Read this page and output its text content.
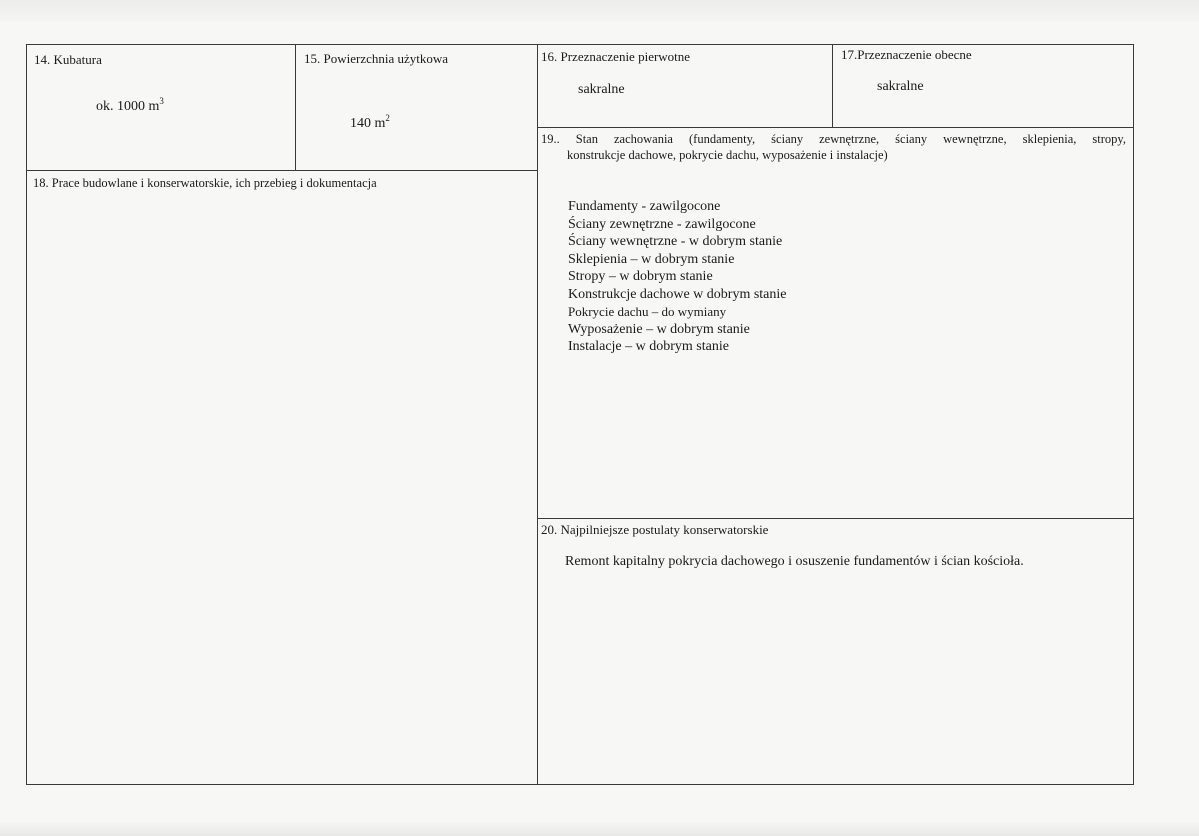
14. Kubatura
ok. 1000 $m^3$
15. Powierzchnia użytkowa
140 $m^2$
16. Przeznaczenie pierwotne
sakralne
17.Przeznaczenie obecne
sakralne
18. Prace budowlane i konserwatorskie, ich przebieg i dokumentacja
19.. Stan zachowania (fundamenty, ściany zewnętrzne, ściany wewnętrzne, sklepienia, stropy,
konstrukcje dachowe, pokrycie dachu, wyposażenie i instalacje)
Fundamenty - zawilgocone
Ściany zewnętrzne - zawilgocone
Ściany wewnętrzne - w dobrym stanie
Sklepienia – w dobrym stanie
Stropy – w dobrym stanie
Konstrukcje dachowe w dobrym stanie
Pokrycie dachu – do wymiany
Wyposażenie – w dobrym stanie
Instalacje – w dobrym stanie
20. Najpilniejsze postulaty konserwatorskie
Remont kapitalny pokrycia dachowego i osuszenie fundamentów i ścian kościoła.
